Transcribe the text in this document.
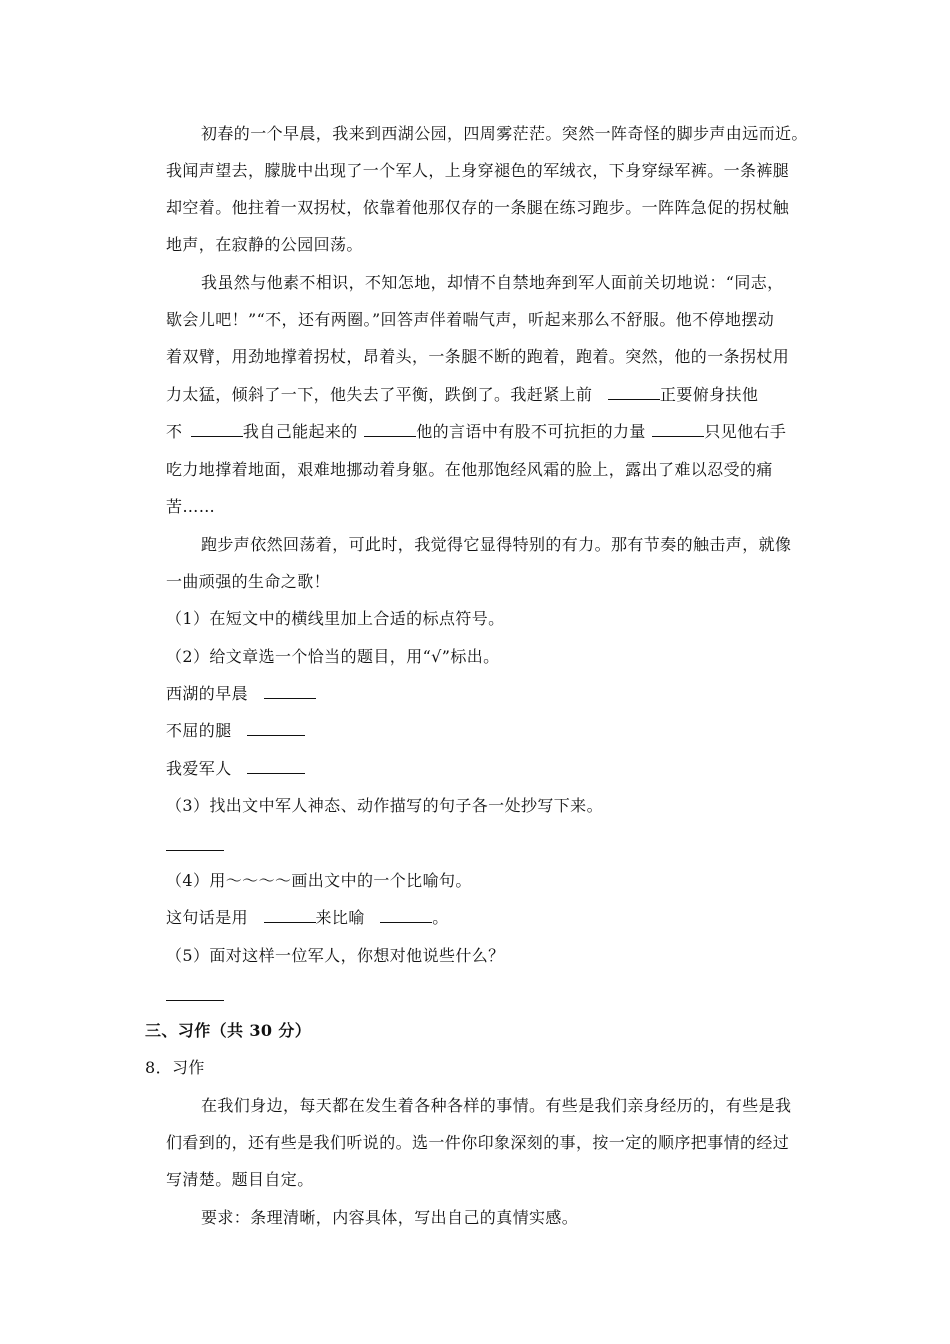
初春的一个早晨，我来到西湖公园，四周雾茫茫。突然一阵奇怪的脚步声由远而近。
我闻声望去，朦胧中出现了一个军人，上身穿褪色的军绒衣，下身穿绿军裤。一条裤腿
却空着。他拄着一双拐杖，依靠着他那仅存的一条腿在练习跑步。一阵阵急促的拐杖触
地声，在寂静的公园回荡。
我虽然与他素不相识，不知怎地，却情不自禁地奔到军人面前关切地说：“同志，
歇会儿吧！”“不，还有两圈。”回答声伴着喘气声，听起来那么不舒服。他不停地摆动
着双臂，用劲地撑着拐杖，昂着头，一条腿不断的跑着，跑着。突然，他的一条拐杖用
力太猛，倾斜了一下，他失去了平衡，跌倒了。我赶紧上前	正要俯身扶他
不	我自己能起来的	他的言语中有股不可抗拒的力量	只见他右手
吃力地撑着地面，艰难地挪动着身躯。在他那饱经风霜的脸上，露出了难以忍受的痛
苦……
跑步声依然回荡着，可此时，我觉得它显得特别的有力。那有节奏的触击声，就像
一曲顽强的生命之歌！
（1）在短文中的横线里加上合适的标点符号。
（2）给文章选一个恰当的题目，用“√”标出。
西湖的早晨
不屈的腿
我爱军人
（3）找出文中军人神态、动作描写的句子各一处抄写下来。
（4）用～～～～画出文中的一个比喻句。
这句话是用	来比喻	。
（5）面对这样一位军人，你想对他说些什么？
三、习作（共 30 分）
8．习作
在我们身边，每天都在发生着各种各样的事情。有些是我们亲身经历的，有些是我
们看到的，还有些是我们听说的。选一件你印象深刻的事，按一定的顺序把事情的经过
写清楚。题目自定。
要求：条理清晰，内容具体，写出自己的真情实感。
